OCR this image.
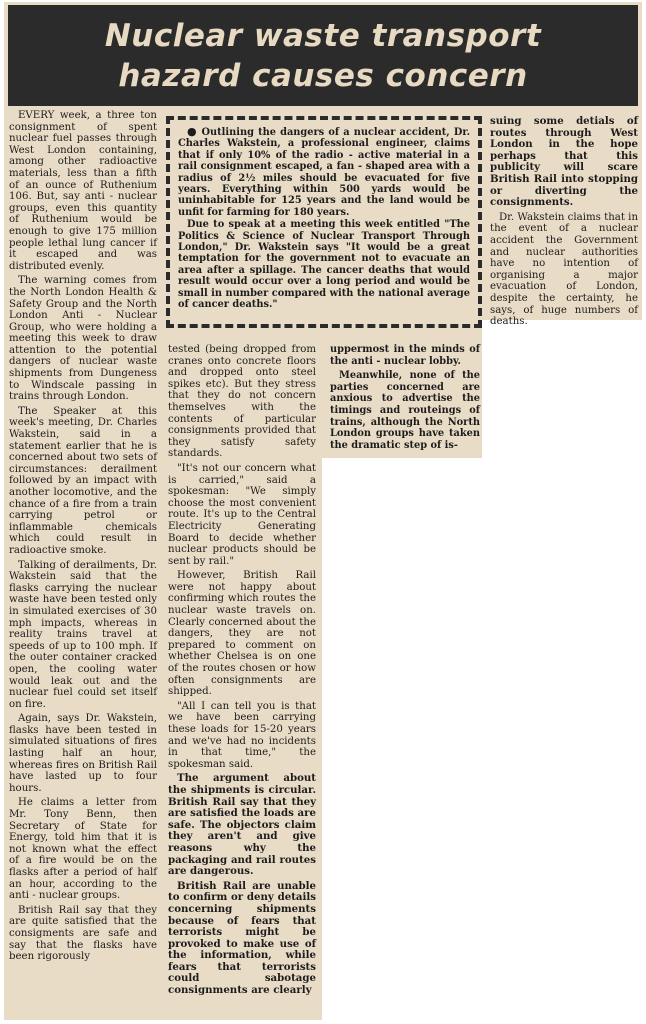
Nuclear waste transport
hazard causes concern

EVERY week, a three ton consignment of spent nuclear fuel passes through West London containing, among other radioactive materials, less than a fifth of an ounce of Ruthenium 106. But, say anti - nuclear groups, even this quantity of Ruthenium would be enough to give 175 million people lethal lung cancer if it escaped and was distributed evenly.

The warning comes from the North London Health & Safety Group and the North London Anti - Nuclear Group, who were holding a meeting this week to draw attention to the potential dangers of nuclear waste shipments from Dungeness to Windscale passing in trains through London.

The Speaker at this week's meeting, Dr. Charles Wakstein, said in a statement earlier that he is concerned about two sets of circumstances: derailment followed by an impact with another locomotive, and the chance of a fire from a train carrying petrol or inflammable chemicals which could result in radioactive smoke.

Talking of derailments, Dr. Wakstein said that the flasks carrying the nuclear waste have been tested only in simulated exercises of 30 mph impacts, whereas in reality trains travel at speeds of up to 100 mph. If the outer container cracked open, the cooling water would leak out and the nuclear fuel could set itself on fire.

Again, says Dr. Wakstein, flasks have been tested in simulated situations of fires lasting half an hour, whereas fires on British Rail have lasted up to four hours.

He claims a letter from Mr. Tony Benn, then Secretary of State for Energy, told him that it is not known what the effect of a fire would be on the flasks after a period of half an hour, according to the anti - nuclear groups.

British Rail say that they are quite satisfied that the consigments are safe and say that the flasks have been rigorously

● Outlining the dangers of a nuclear accident, Dr. Charles Wakstein, a professional engineer, claims that if only 10% of the radio - active material in a rail consignment escaped, a fan - shaped area with a radius of 2½ miles should be evacuated for five years. Everything within 500 yards would be uninhabitable for 125 years and the land would be unfit for farming for 180 years.

Due to speak at a meeting this week entitled "The Politics & Science of Nuclear Transport Through London," Dr. Wakstein says "It would be a great temptation for the government not to evacuate an area after a spillage. The cancer deaths that would result would occur over a long period and would be small in number compared with the national average of cancer deaths."

tested (being dropped from cranes onto concrete floors and dropped onto steel spikes etc). But they stress that they do not concern themselves with the contents of particular consignments provided that they satisfy safety standards.

"It's not our concern what is carried," said a spokesman: "We simply choose the most convenient route. It's up to the Central Electricity Generating Board to decide whether nuclear products should be sent by rail."

However, British Rail were not happy about confirming which routes the nuclear waste travels on. Clearly concerned about the dangers, they are not prepared to comment on whether Chelsea is on one of the routes chosen or how often consignments are shipped.

"All I can tell you is that we have been carrying these loads for 15-20 years and we've had no incidents in that time," the spokesman said.

The argument about the shipments is circular. British Rail say that they are satisfied the loads are safe. The objectors claim they aren't and give reasons why the packaging and rail routes are dangerous.

British Rail are unable to confirm or deny details concerning shipments because of fears that terrorists might be provoked to make use of the information, while fears that terrorists could sabotage consignments are clearly

uppermost in the minds of the anti - nuclear lobby.

Meanwhile, none of the parties concerned are anxious to advertise the timings and routeings of trains, although the North London groups have taken the dramatic step of is-

suing some detials of routes through West London in the hope perhaps that this publicity will scare British Rail into stopping or diverting the consignments.

Dr. Wakstein claims that in the event of a nuclear accident the Government and nuclear authorities have no intention of organising a major evacuation of London, despite the certainty, he says, of huge numbers of deaths.
